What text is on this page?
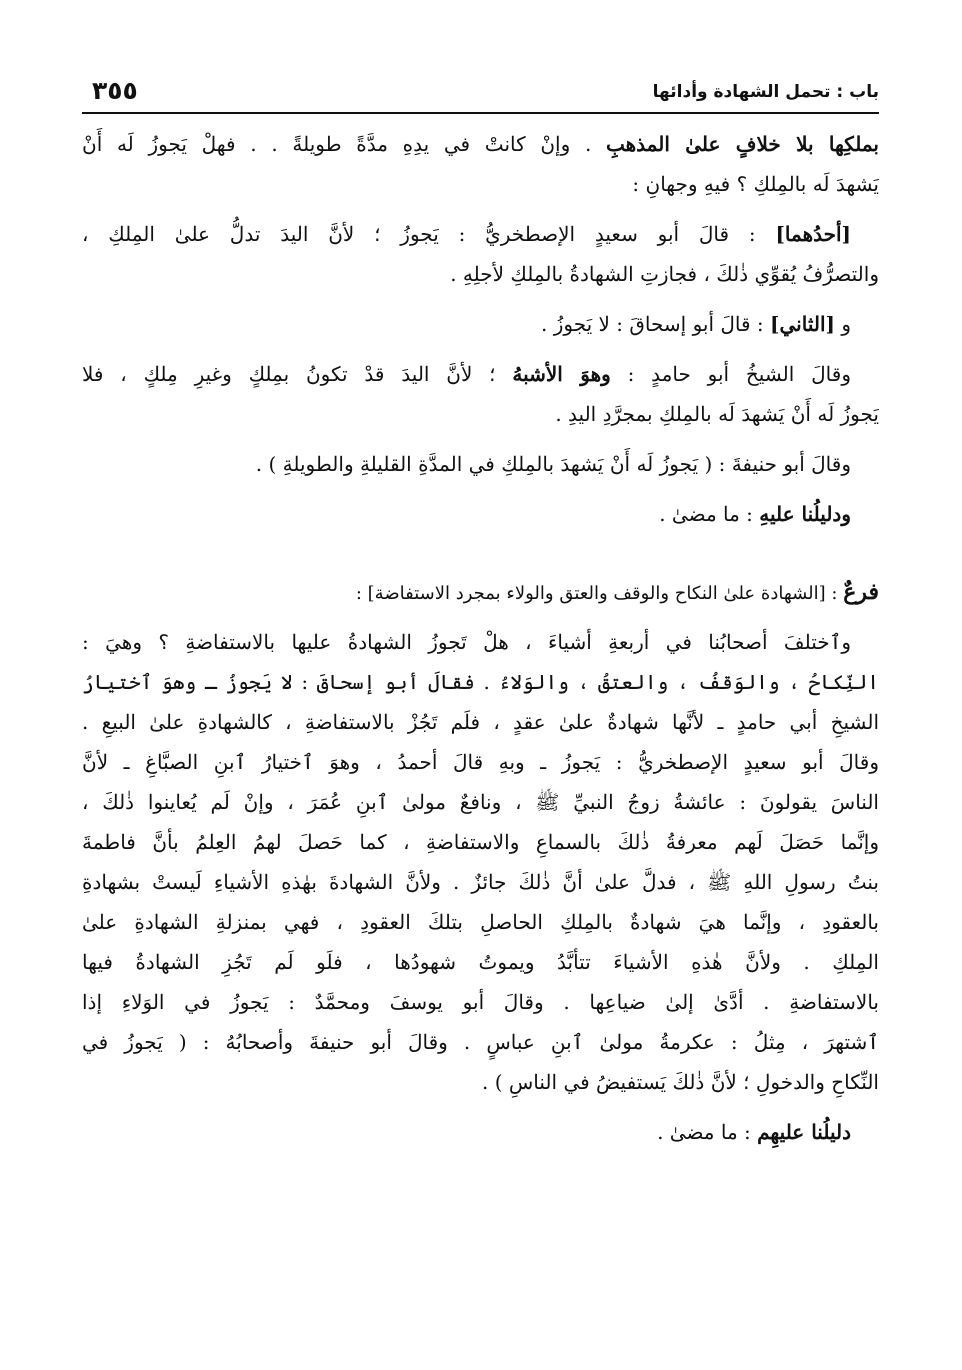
باب : تحمل الشهادة وأدائها
٣٥٥
بملكِها بلا خلافٍ علىٰ المذهبِ . وإنْ كانتْ في يدِهِ مدَّةً طويلةً . . فهلْ يَجوزُ لَه أَنْ
يَشهدَ لَه بالمِلكِ ؟ فيهِ وجهانِ :
[أحدُهما] : قالَ أبو سعيدٍ الإصطخريُّ : يَجوزُ ؛ لأنَّ اليدَ تدلُّ علىٰ المِلكِ ،
والتصرُّفُ يُقوِّي ذٰلكَ ، فجازتِ الشهادةُ بالمِلكِ لأجلِهِ .
و [الثاني] : قالَ أبو إسحاقَ : لا يَجوزُ .
وقالَ الشيخُ أبو حامدٍ : وهوَ الأشبهُ ؛ لأنَّ اليدَ قدْ تكونُ بمِلكٍ وغيرِ مِلكٍ ، فلا
يَجوزُ لَه أَنْ يَشهدَ لَه بالمِلكِ بمجرَّدِ اليدِ .
وقالَ أبو حنيفةَ : ( يَجوزُ لَه أَنْ يَشهدَ بالمِلكِ في المدَّةِ القليلةِ والطويلةِ ) .
ودليلُنا عليهِ : ما مضىٰ .
فرعٌ : [الشهادة علىٰ النكاح والوقف والعتق والولاء بمجرد الاستفاضة] :
وٱختلفَ أصحابُنا في أربعةِ أشياءَ ، هلْ تَجوزُ الشهادةُ عليها بالاستفاضةِ ؟ وهيَ :
النِّكاحُ ، والوَقفُ ، والعتقُ ، والوَلاءُ . فقالَ أبو إسحاقَ : لا يَجوزُ ـ وهوَ ٱختيارُ
الشيخِ أبي حامدٍ ـ لأنَّها شهادةٌ علىٰ عقدٍ ، فلَم تَجُزْ بالاستفاضةِ ، كالشهادةِ علىٰ البيعِ .
وقالَ أبو سعيدٍ الإصطخريُّ : يَجوزُ ـ وبهِ قالَ أحمدُ ، وهوَ ٱختيارُ ٱبنِ الصبَّاغِ ـ لأنَّ
الناسَ يقولونَ : عائشةُ زوجُ النبيِّ ﷺ ، ونافعٌ مولىٰ ٱبنِ عُمَرَ ، وإنْ لَم يُعاينوا ذٰلكَ ،
وإنَّما حَصَلَ لَهم معرفةُ ذٰلكَ بالسماعِ والاستفاضةِ ، كما حَصلَ لهمُ العِلمُ بأنَّ فاطمةَ
بنتُ رسولِ اللهِ ﷺ ، فدلَّ علىٰ أنَّ ذٰلكَ جائزٌ . ولأنَّ الشهادةَ بهٰذهِ الأشياءِ لَيستْ بشهادةِ
بالعقودِ ، وإنَّما هيَ شهادةٌ بالمِلكِ الحاصلِ بتلكَ العقودِ ، فهي بمنزلةِ الشهادةِ علىٰ
المِلكِ . ولأنَّ هٰذهِ الأشياءَ تتأبَّدُ ويموتُ شهودُها ، فلَو لَم تَجُزِ الشهادةُ فيها
بالاستفاضةِ . أدَّىٰ إلىٰ ضياعِها . وقالَ أبو يوسفَ ومحمَّدٌ : يَجوزُ في الوَلاءِ إذا
ٱشتهرَ ، مِثلُ : عكرمةُ مولىٰ ٱبنِ عباسٍ . وقالَ أبو حنيفةَ وأصحابُهُ : ( يَجوزُ في
النِّكاحِ والدخولِ ؛ لأنَّ ذٰلكَ يَستفيضُ في الناسِ ) .
دليلُنا عليهِم : ما مضىٰ .
